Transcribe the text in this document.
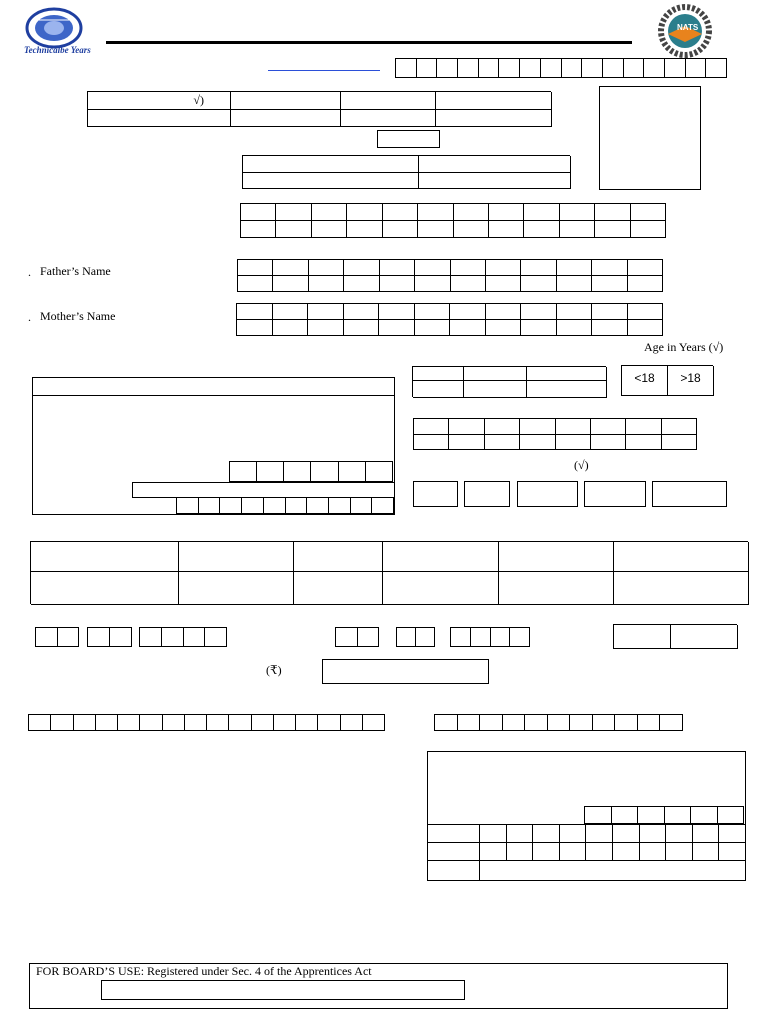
Technicalbe Years
NATS
√)
. Father’s Name
. Mother’s Name
Age in Years (√)
<18	>18
(√)
(₹)
FOR BOARD’S USE: Registered under Sec. 4 of the Apprentices Act
